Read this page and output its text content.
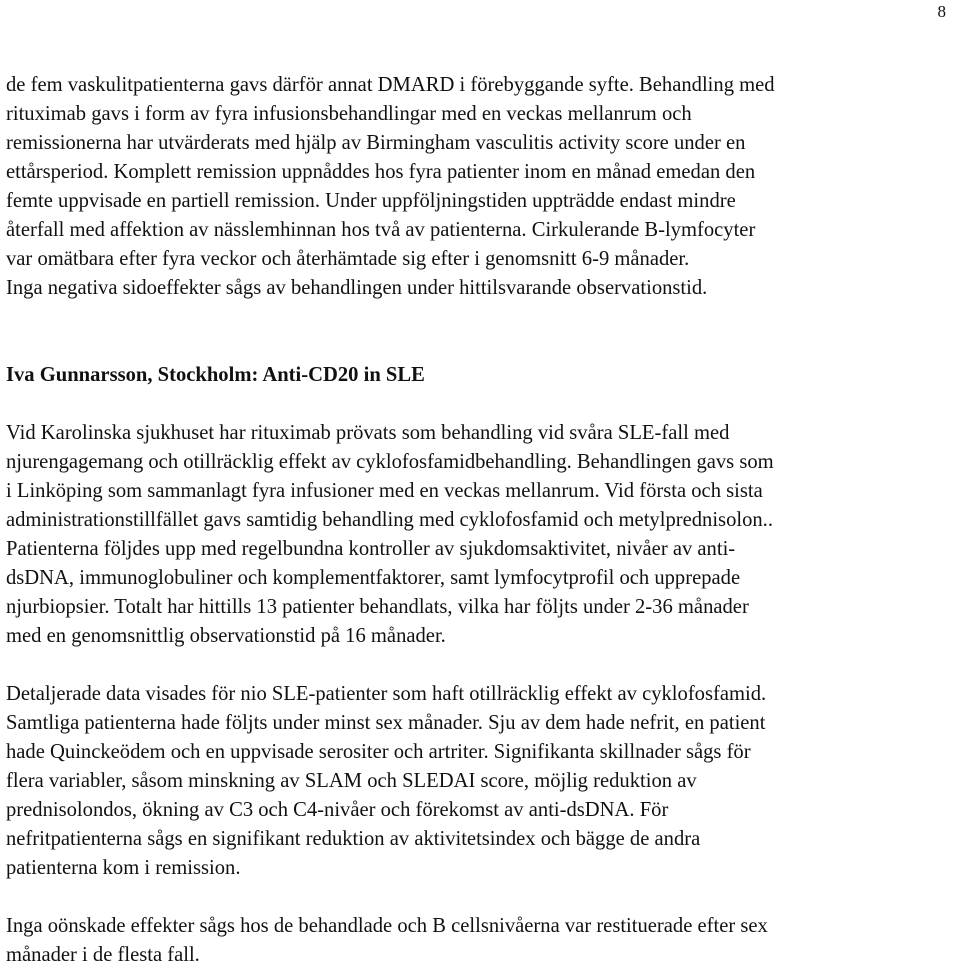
8

de fem vaskulitpatienterna gavs därför annat DMARD i förebyggande syfte. Behandling med
rituximab gavs i form av fyra infusionsbehandlingar med en veckas mellanrum och
remissionerna har utvärderats med hjälp av Birmingham vasculitis activity score under en
ettårsperiod. Komplett remission uppnåddes hos fyra patienter inom en månad emedan den
femte uppvisade en partiell remission. Under uppföljningstiden uppträdde endast mindre
återfall med affektion av nässlemhinnan hos två av patienterna. Cirkulerande B-lymfocyter
var omätbara efter fyra veckor och återhämtade sig efter i genomsnitt 6-9 månader.
Inga negativa sidoeffekter sågs av behandlingen under hittilsvarande observationstid.

Iva Gunnarsson, Stockholm: Anti-CD20 in SLE

Vid Karolinska sjukhuset har rituximab prövats som behandling vid svåra SLE-fall med
njurengagemang och otillräcklig effekt av cyklofosfamidbehandling. Behandlingen gavs som
i Linköping som sammanlagt fyra infusioner med en veckas mellanrum. Vid första och sista
administrationstillfället gavs samtidig behandling med cyklofosfamid och metylprednisolon..
Patienterna följdes upp med regelbundna kontroller av sjukdomsaktivitet, nivåer av anti-
dsDNA, immunoglobuliner och komplementfaktorer, samt lymfocytprofil och upprepade
njurbiopsier. Totalt har hittills 13 patienter behandlats, vilka har följts under 2-36 månader
med en genomsnittlig observationstid på 16 månader.

Detaljerade data visades för nio SLE-patienter som haft otillräcklig effekt av cyklofosfamid.
Samtliga patienterna hade följts under minst sex månader. Sju av dem hade nefrit, en patient
hade Quinckeödem och en uppvisade serositer och artriter. Signifikanta skillnader sågs för
flera variabler, såsom minskning av SLAM och SLEDAI score, möjlig reduktion av
prednisolondos, ökning av C3 och C4-nivåer och förekomst av anti-dsDNA. För
nefritpatienterna sågs en signifikant reduktion av aktivitetsindex och bägge de andra
patienterna kom i remission.

Inga oönskade effekter sågs hos de behandlade och B cellsnivåerna var restituerade efter sex
månader i de flesta fall.
